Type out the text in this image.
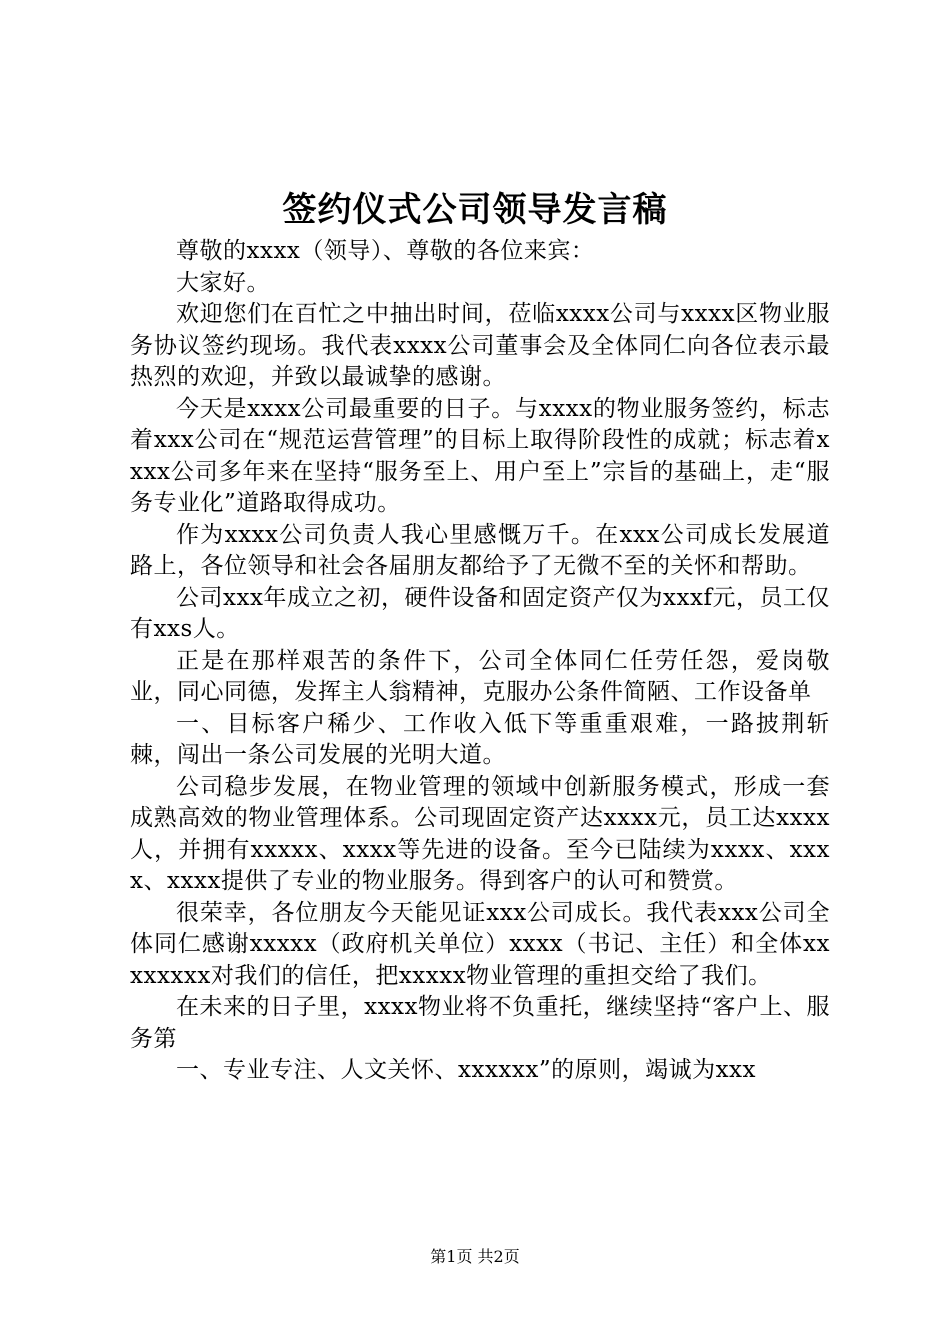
签约仪式公司领导发言稿

尊敬的xxxx（领导）、尊敬的各位来宾：

大家好。

欢迎您们在百忙之中抽出时间，莅临xxxx公司与xxxx区物业服务协议签约现场。我代表xxxx公司董事会及全体同仁向各位表示最热烈的欢迎，并致以最诚挚的感谢。

今天是xxxx公司最重要的日子。与xxxx的物业服务签约，标志着xxx公司在“规范运营管理”的目标上取得阶段性的成就；标志着xxxx公司多年来在坚持“服务至上、用户至上”宗旨的基础上，走“服务专业化”道路取得成功。

作为xxxx公司负责人我心里感慨万千。在xxx公司成长发展道路上，各位领导和社会各届朋友都给予了无微不至的关怀和帮助。

公司xxx年成立之初，硬件设备和固定资产仅为xxxf元，员工仅有xxs人。

正是在那样艰苦的条件下，公司全体同仁任劳任怨，爱岗敬业，同心同德，发挥主人翁精神，克服办公条件简陋、工作设备单

一、目标客户稀少、工作收入低下等重重艰难，一路披荆斩棘，闯出一条公司发展的光明大道。

公司稳步发展，在物业管理的领域中创新服务模式，形成一套成熟高效的物业管理体系。公司现固定资产达xxxx元，员工达xxxx人，并拥有xxxxx、xxxx等先进的设备。至今已陆续为xxxx、xxxx、xxxx提供了专业的物业服务。得到客户的认可和赞赏。

很荣幸，各位朋友今天能见证xxx公司成长。我代表xxx公司全体同仁感谢xxxxx（政府机关单位）xxxx（书记、主任）和全体xxxxxxxx对我们的信任，把xxxxx物业管理的重担交给了我们。

在未来的日子里，xxxx物业将不负重托，继续坚持“客户上、服务第

一、专业专注、人文关怀、xxxxxx”的原则，竭诚为xxx

第1页 共2页
